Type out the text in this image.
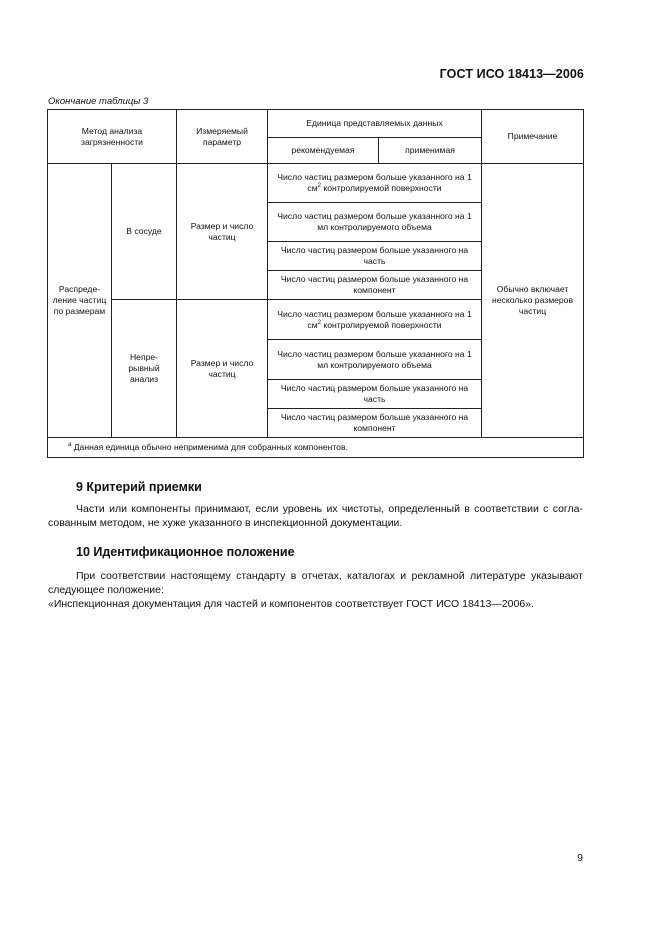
ГОСТ ИСО 18413—2006
Окончание таблицы 3
Метод анализа загрязненности		Измеряемый параметр	Единица представляемых данных		Примечание
			рекомендуемая	применимая	
Распреде-ление частиц по размерам	В сосуде	Размер и число частиц	Число частиц размером больше указанного на 1 $см^2$ контролируемой поверхности		Обычно включает несколько размеров частиц
			Число частиц размером больше указанного на 1 мл контролируемого объема		
			Число частиц размером больше указанного на часть		
			Число частиц размером больше указанного на компонент		
	Непре-рывный анализ	Размер и число частиц	Число частиц размером больше указанного на 1 $см^2$ контролируемой поверхности		
			Число частиц размером больше указанного на 1 мл контролируемого объема		
			Число частиц размером больше указанного на часть		
			Число частиц размером больше указанного на компонент		
$^a$ Данная единица обычно неприменима для собранных компонентов.					
9 Критерий приемки
Части или компоненты принимают, если уровень их чистоты, определенный в соответствии с согла-сованным методом, не хуже указанного в инспекционной документации.
10 Идентификационное положение
При соответствии настоящему стандарту в отчетах, каталогах и рекламной литературе указывают следующее положение:
«Инспекционная документация для частей и компонентов соответствует ГОСТ ИСО 18413—2006».
9
